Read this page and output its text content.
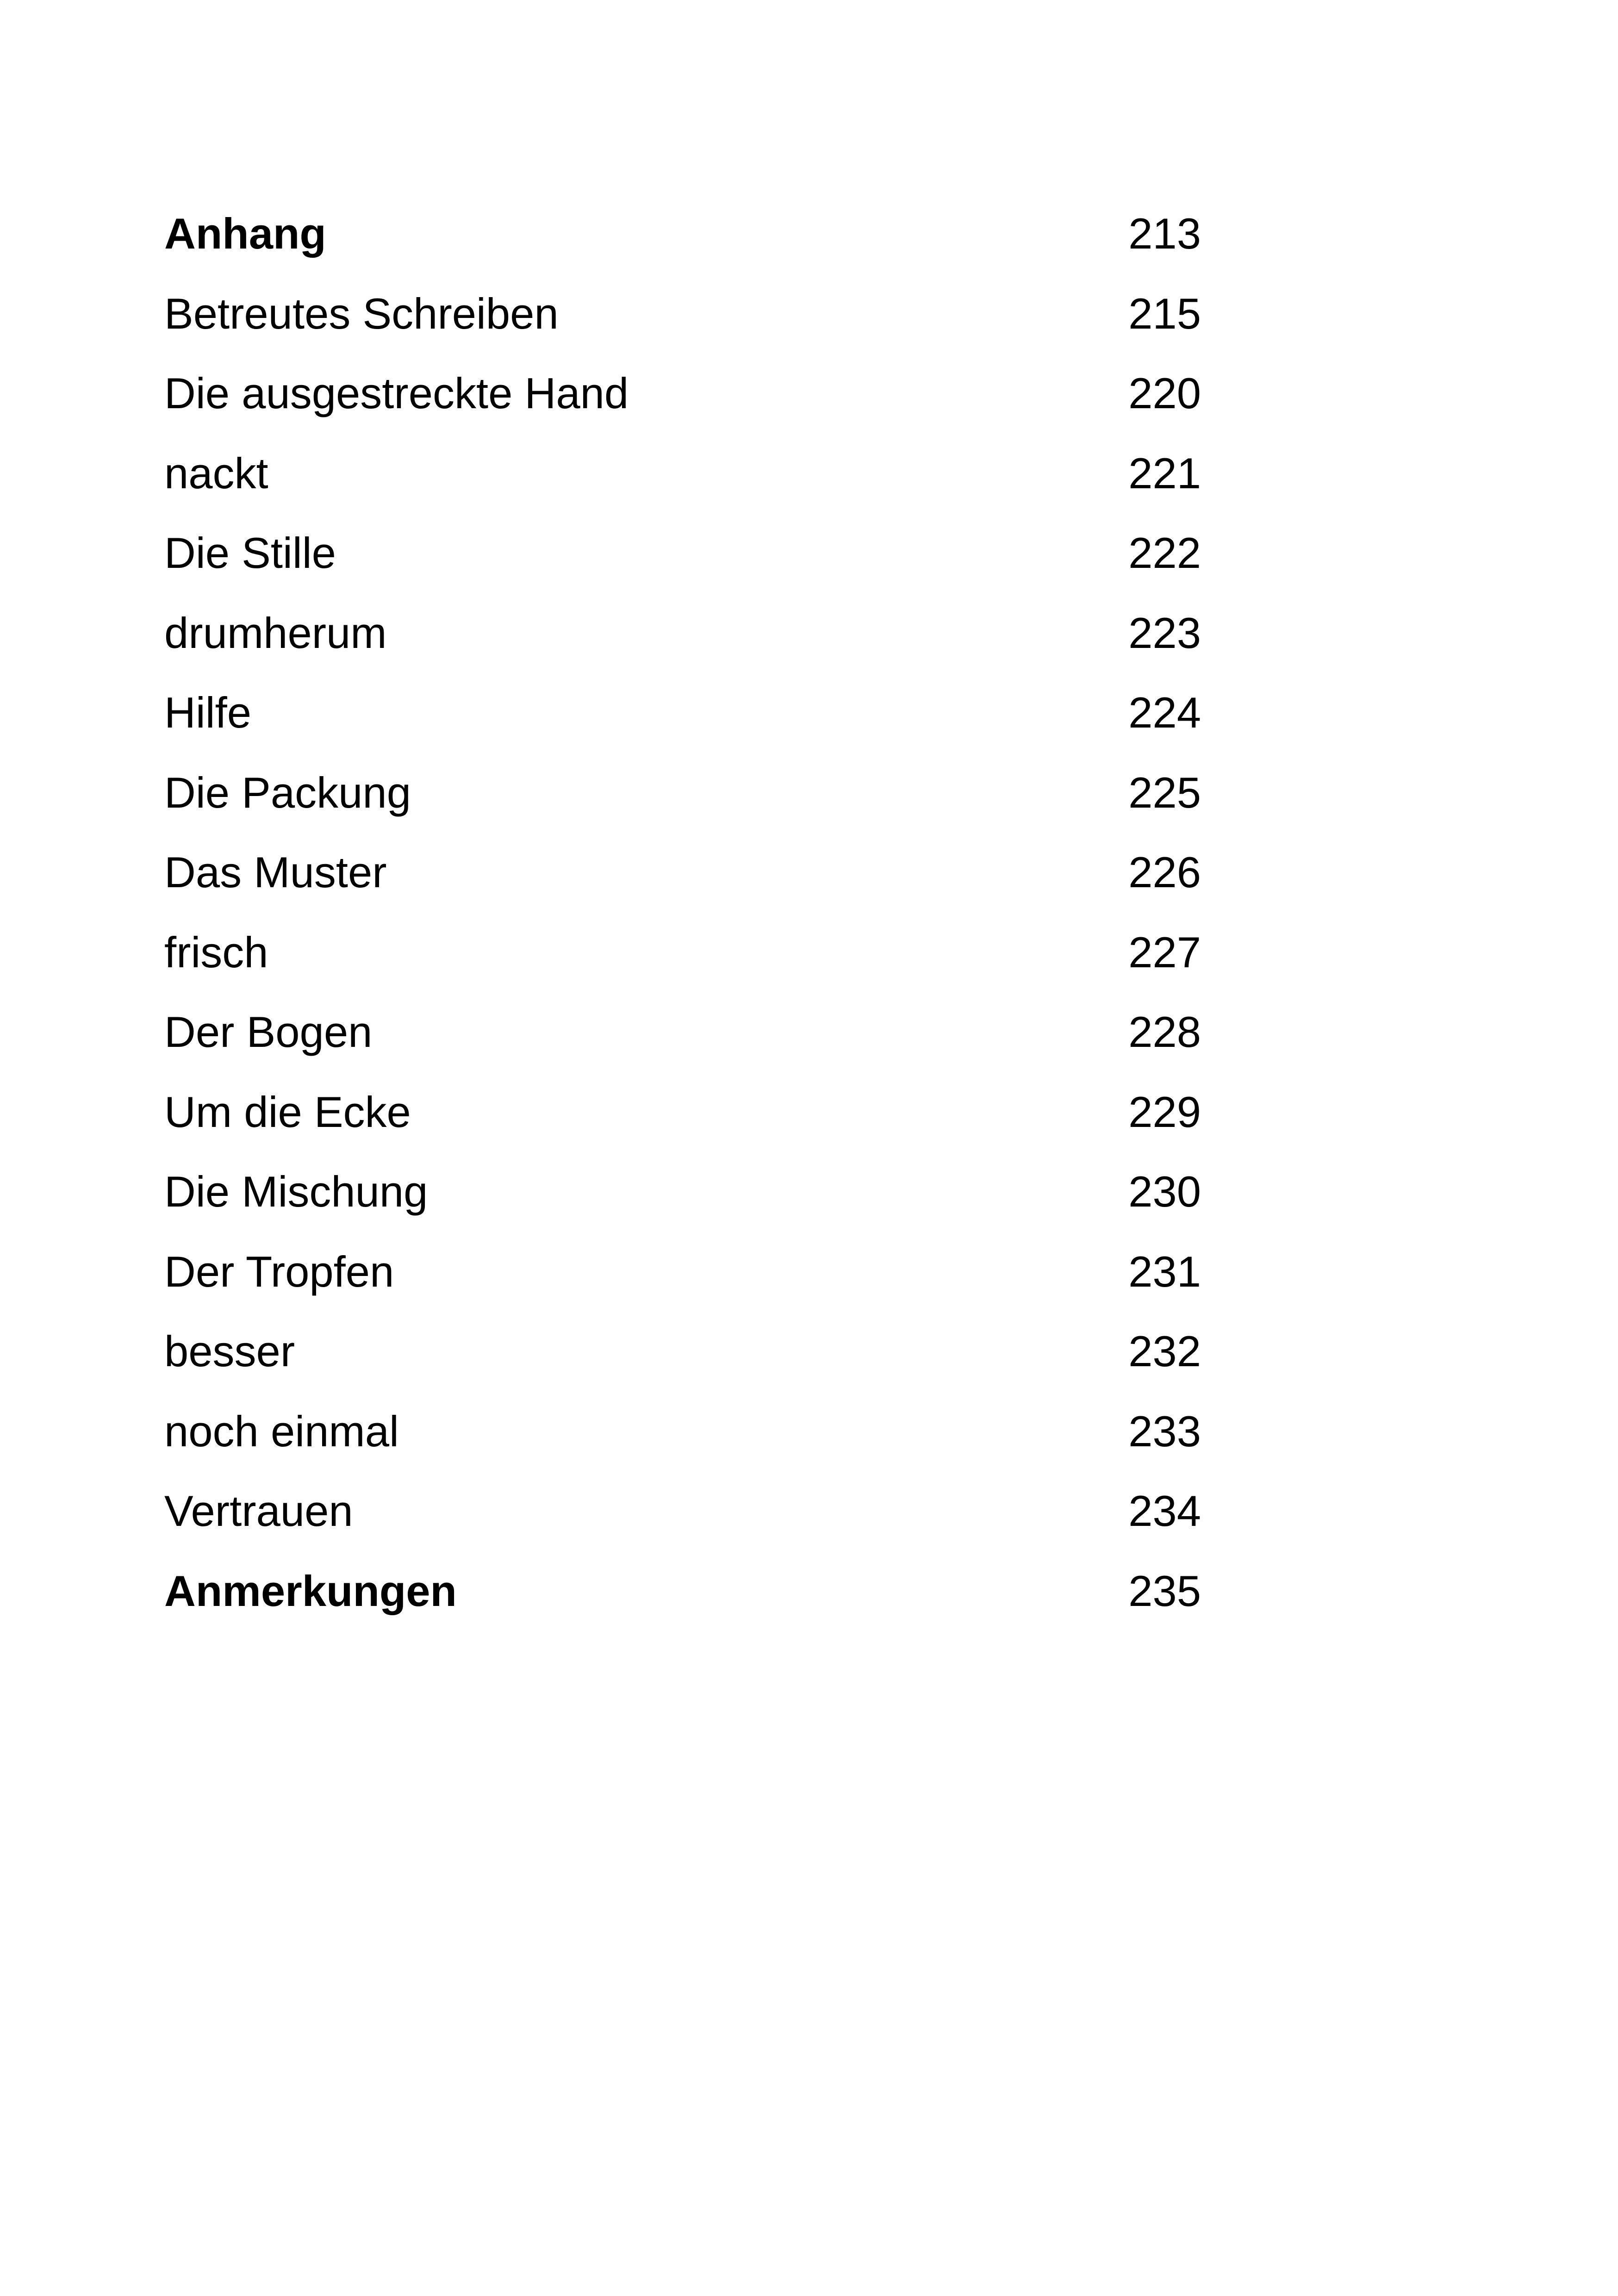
Anhang	213
Betreutes Schreiben	215
Die ausgestreckte Hand	220
nackt	221
Die Stille	222
drumherum	223
Hilfe	224
Die Packung	225
Das Muster	226
frisch	227
Der Bogen	228
Um die Ecke	229
Die Mischung	230
Der Tropfen	231
besser	232
noch einmal	233
Vertrauen	234
Anmerkungen	235
